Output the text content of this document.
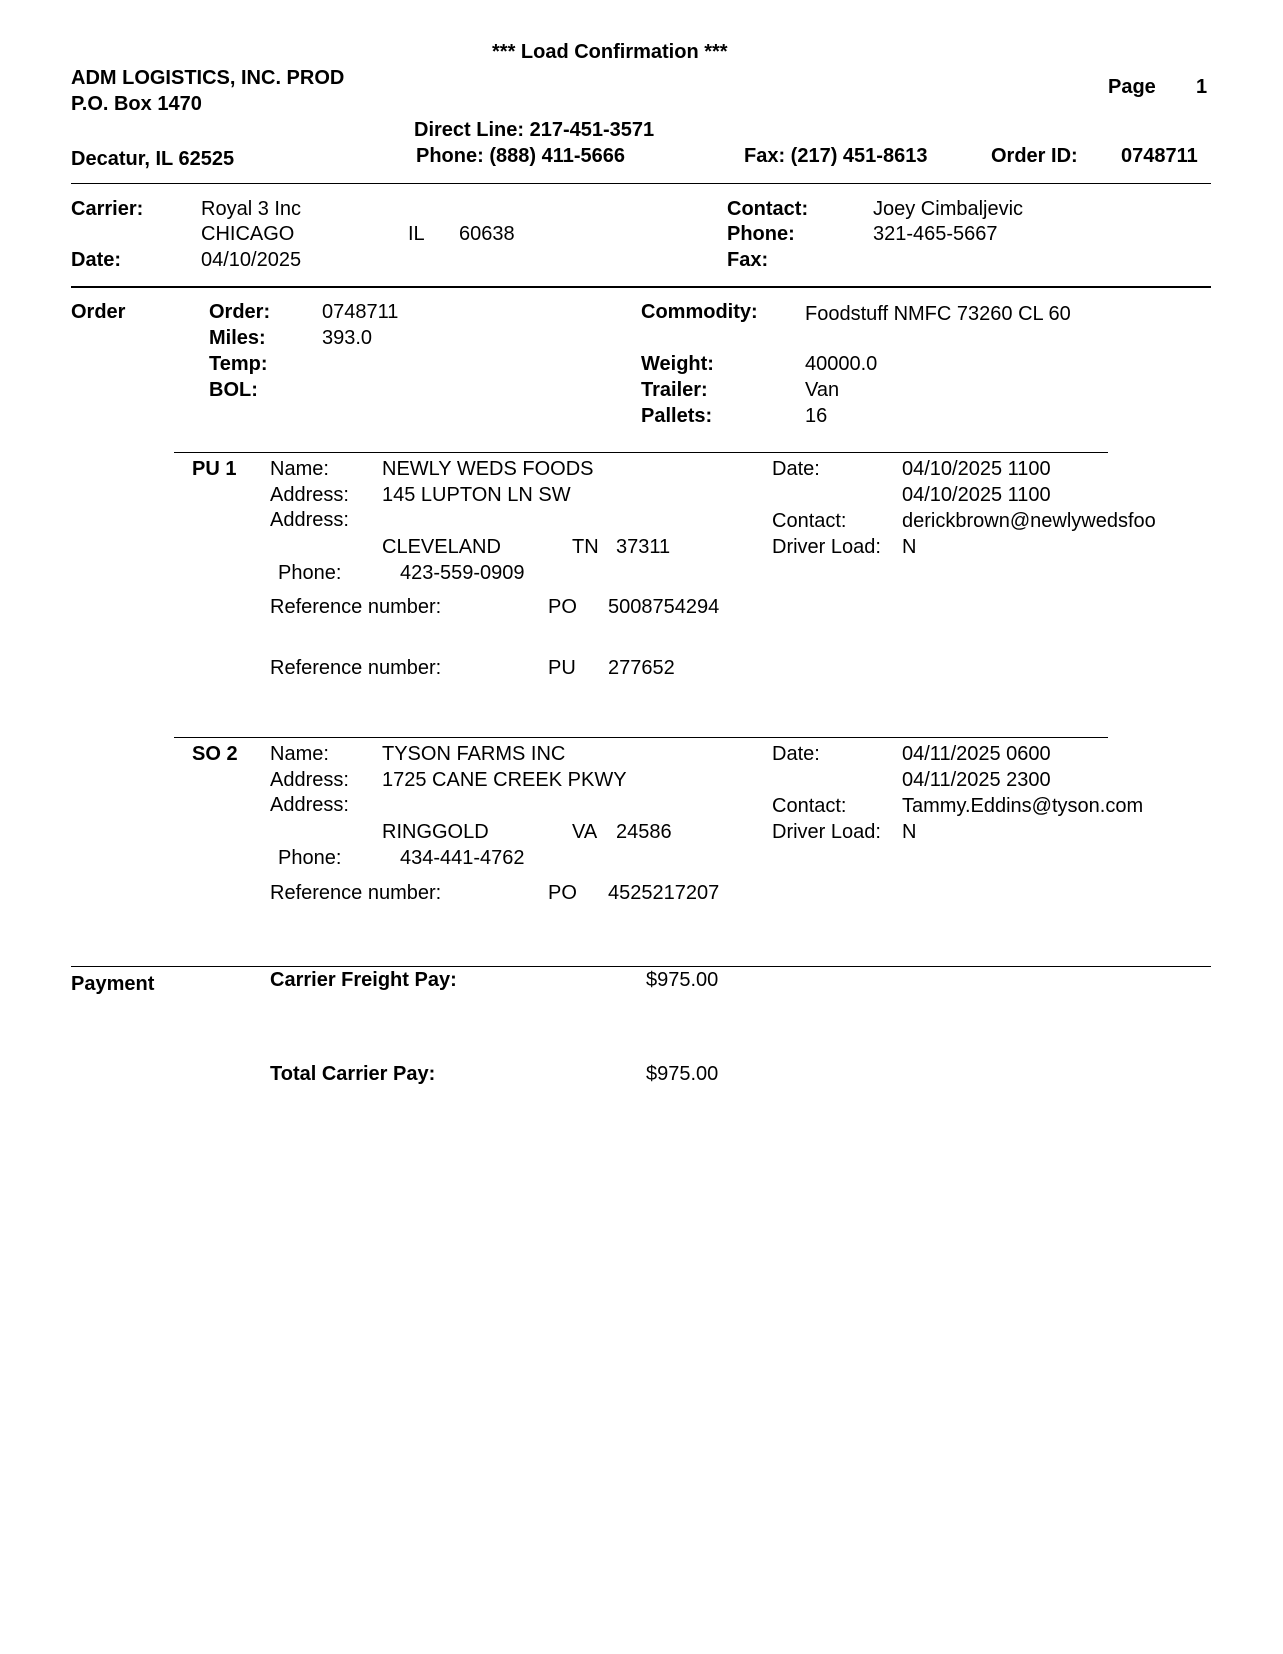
*** Load Confirmation ***
ADM LOGISTICS, INC. PROD
P.O. Box 1470
Page 1
Direct Line: 217-451-3571
Decatur, IL 62525	Phone: (888) 411-5666	Fax: (217) 451-8613	Order ID: 0748711
Carrier:	Royal 3 Inc
CHICAGO	IL 60638
Date:	04/10/2025
Contact:	Joey Cimbaljevic
Phone:	321-465-5667
Fax:
Order	Order:	0748711
Miles:	393.0
Temp:
BOL:
Commodity: Foodstuff NMFC 73260 CL 60
Weight:	40000.0
Trailer:	Van
Pallets:	16
PU 1 Name:	NEWLY WEDS FOODS
Address: 145 LUPTON LN SW
Address:
CLEVELAND	TN 37311
Phone:	423-559-0909
Date:	04/10/2025 1100
04/10/2025 1100
Contact:	derickbrown@newlywedsfoo
Driver Load: N
Reference number:	PO 5008754294
Reference number:	PU 277652
SO 2 Name:	TYSON FARMS INC
Address: 1725 CANE CREEK PKWY
Address:
RINGGOLD	VA 24586
Phone:	434-441-4762
Date:	04/11/2025 0600
04/11/2025 2300
Contact:	Tammy.Eddins@tyson.com
Driver Load: N
Reference number:	PO 4525217207
Payment	Carrier Freight Pay:	$975.00
Total Carrier Pay:	$975.00
